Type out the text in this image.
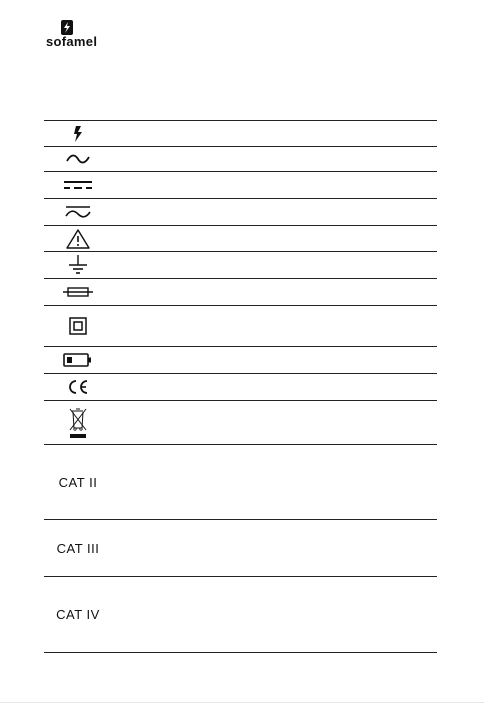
sofamel
CAT II
CAT III
CAT IV
